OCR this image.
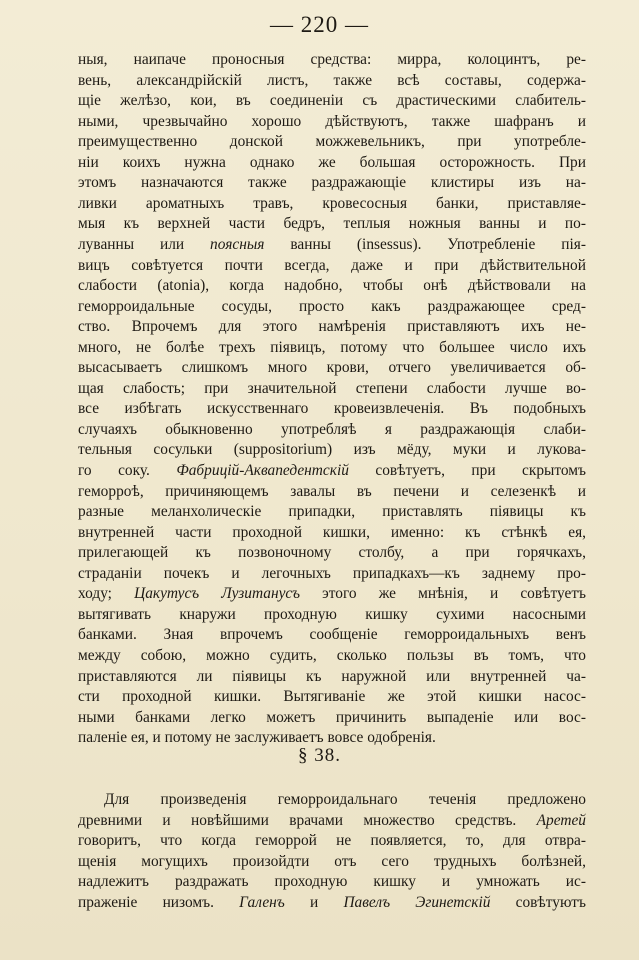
— 220 —
ныя, наипаче проносныя средства: мирра, колоцинтъ, ре-
вень, александрійскій листъ, также всѣ составы, содержа-
щіе желѣзо, кои, въ соединеніи съ драстическими слабитель-
ными, чрезвычайно хорошо дѣйствуютъ, также шафранъ и
преимущественно донской можжевельникъ, при употребле-
ніи коихъ нужна однако же большая осторожность. При
этомъ назначаются также раздражающіе клистиры изъ на-
ливки ароматныхъ травъ, кровесосныя банки, приставляе-
мыя къ верхней части бедръ, теплыя ножныя ванны и по-
луванны или поясныя ванны (insessus). Употребленіе пія-
вицъ совѣтуется почти всегда, даже и при дѣйствительной
слабости (atonia), когда надобно, чтобы онѣ дѣйствовали на
геморроидальные сосуды, просто какъ раздражающее сред-
ство. Впрочемъ для этого намѣренія приставляютъ ихъ не-
много, не болѣе трехъ піявицъ, потому что большее число ихъ
высасываетъ слишкомъ много крови, отчего увеличивается об-
щая слабость; при значительной степени слабости лучше во-
все избѣгать искусственнаго кровеизвлеченія. Въ подобныхъ
случаяхъ обыкновенно употребляѣ я раздражающія слаби-
тельныя сосульки (suppositorium) изъ мёду, муки и лукова-
го соку. Фабрицій-Аквапедентскій совѣтуетъ, при скрытомъ
геморроѣ, причиняющемъ завалы въ печени и селезенкѣ и
разные меланхолическіе припадки, приставлять піявицы къ
внутренней части проходной кишки, именно: къ стѣнкѣ ея,
прилегающей къ позвоночному столбу, а при горячкахъ,
страданіи почекъ и легочныхъ припадкахъ—къ заднему про-
ходу; Цакутусъ Лузитанусъ этого же мнѣнія, и совѣтуетъ
вытягивать кнаружи проходную кишку сухими насосными
банками. Зная впрочемъ сообщеніе геморроидальныхъ венъ
между собою, можно судить, сколько пользы въ томъ, что
приставляются ли піявицы къ наружной или внутренней ча-
сти проходной кишки. Вытягиваніе же этой кишки насос-
ными банками легко можетъ причинить выпаденіе или вос-
паленіе ея, и потому не заслуживаетъ вовсе одобренія.
§ 38.
Для произведенія геморроидальнаго теченія предложено
древними и новѣйшими врачами множество средствъ. Аретей
говоритъ, что когда геморрой не появляется, то, для отвра-
щенія могущихъ произойдти отъ сего трудныхъ болѣзней,
надлежитъ раздражать проходную кишку и умножать ис-
праженіе низомъ. Галенъ и Павелъ Эгинетскій совѣтуютъ
